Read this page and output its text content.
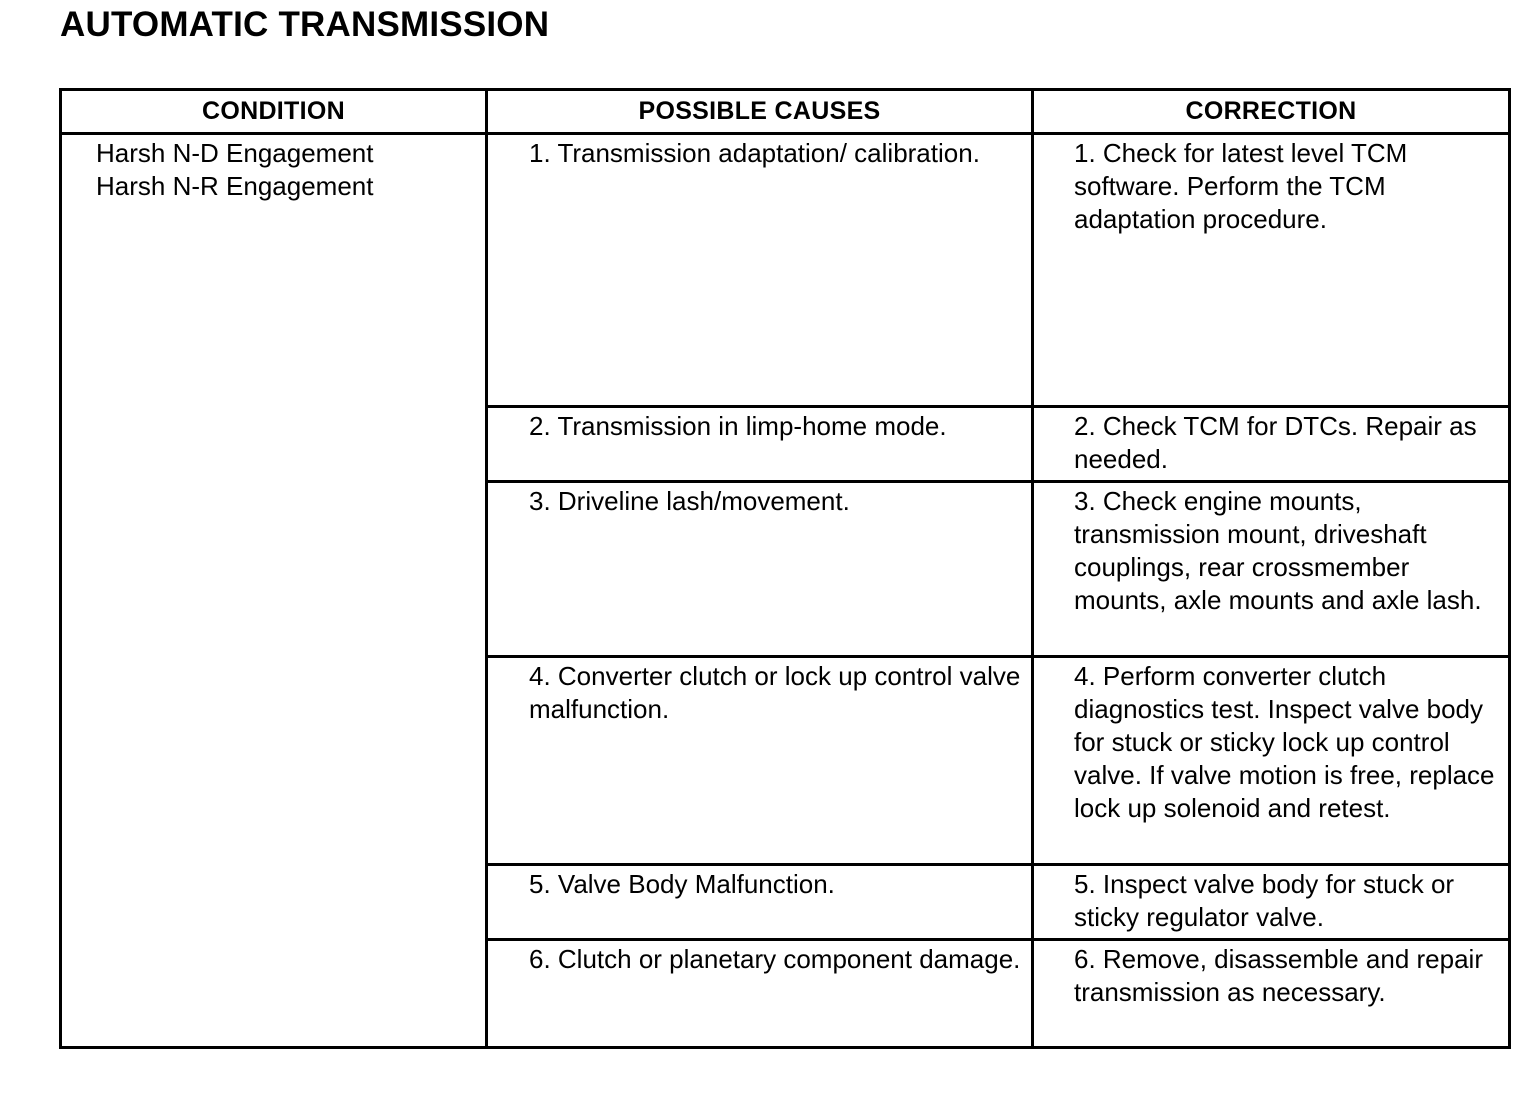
AUTOMATIC TRANSMISSION
CONDITION	POSSIBLE CAUSES	CORRECTION

Harsh N-D Engagement
Harsh N-R Engagement	1. Transmission adaptation/ calibration.	1. Check for latest level TCM software. Perform the TCM adaptation procedure.
	2. Transmission in limp-home mode.	2. Check TCM for DTCs. Repair as needed.
	3. Driveline lash/movement.	3. Check engine mounts, transmission mount, driveshaft couplings, rear crossmember mounts, axle mounts and axle lash.
	4. Converter clutch or lock up control valve malfunction.	4. Perform converter clutch diagnostics test. Inspect valve body for stuck or sticky lock up control valve. If valve motion is free, replace lock up solenoid and retest.
	5. Valve Body Malfunction.	5. Inspect valve body for stuck or sticky regulator valve.
	6. Clutch or planetary component damage.	6. Remove, disassemble and repair transmission as necessary.
